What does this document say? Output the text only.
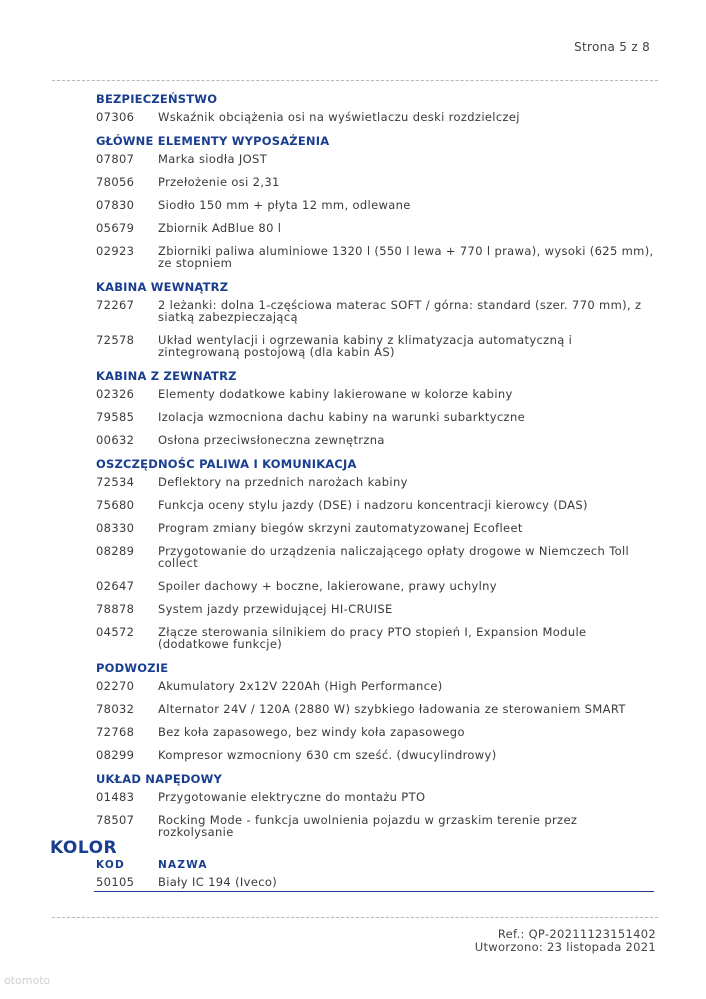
Strona 5 z 8
BEZPIECZEŃSTWO
07306	Wskaźnik obciążenia osi na wyświetlaczu deski rozdzielczej
GŁÓWNE ELEMENTY WYPOSAŻENIA
07807	Marka siodła JOST
78056	Przełożenie osi 2,31
07830	Siodło 150 mm + płyta 12 mm, odlewane
05679	Zbiornik AdBlue 80 l
02923	Zbiorniki paliwa aluminiowe 1320 l (550 l lewa + 770 l prawa), wysoki (625 mm), ze stopniem
KABINA WEWNĄTRZ
72267	2 leżanki: dolna 1-częściowa materac SOFT / górna: standard (szer. 770 mm), z siatką zabezpieczającą
72578	Układ wentylacji i ogrzewania kabiny z klimatyzacja automatyczną i zintegrowaną postojową (dla kabin AS)
KABINA Z ZEWNATRZ
02326	Elementy dodatkowe kabiny lakierowane w kolorze kabiny
79585	Izolacja wzmocniona dachu kabiny na warunki subarktyczne
00632	Osłona przeciwsłoneczna zewnętrzna
OSZCZĘDNOŚC PALIWA I KOMUNIKACJA
72534	Deflektory na przednich narożach kabiny
75680	Funkcja oceny stylu jazdy (DSE) i nadzoru koncentracji kierowcy (DAS)
08330	Program zmiany biegów skrzyni zautomatyzowanej Ecofleet
08289	Przygotowanie do urządzenia naliczającego opłaty drogowe w Niemczech Toll collect
02647	Spoiler dachowy + boczne, lakierowane, prawy uchylny
78878	System jazdy przewidującej HI-CRUISE
04572	Złącze sterowania silnikiem do pracy PTO stopień I, Expansion Module (dodatkowe funkcje)
PODWOZIE
02270	Akumulatory 2x12V 220Ah (High Performance)
78032	Alternator 24V / 120A (2880 W) szybkiego ładowania ze sterowaniem SMART
72768	Bez koła zapasowego, bez windy koła zapasowego
08299	Kompresor wzmocniony 630 cm sześć. (dwucylindrowy)
UKŁAD NAPĘDOWY
01483	Przygotowanie elektryczne do montażu PTO
78507	Rocking Mode - funkcja uwolnienia pojazdu w grzaskim terenie przez rozkolysanie
KOLOR
KOD	NAZWA
50105	Biały IC 194 (Iveco)
Ref.: QP-20211123151402
Utworzono: 23 listopada 2021
otomoto
